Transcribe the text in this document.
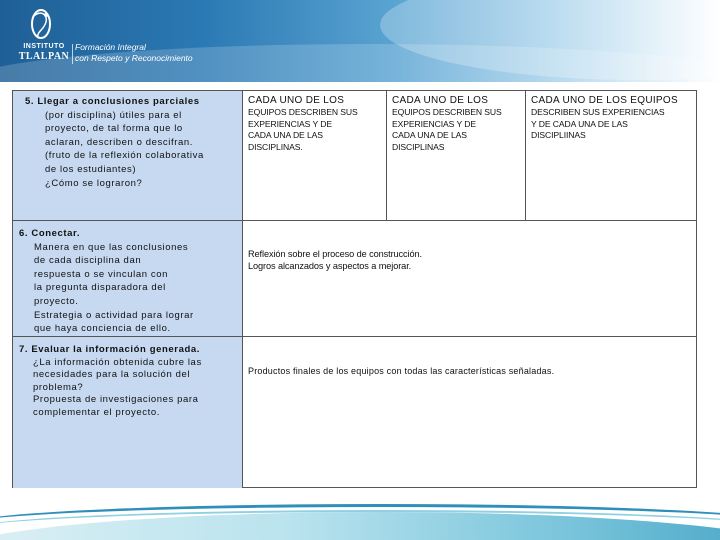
INSTITUTO
TLALPAN
Formación Integral
con Respeto y Reconocimiento
5. Llegar a conclusiones parciales
(por disciplina) útiles para el
proyecto, de tal forma que lo
aclaran, describen o descifran.
(fruto de la reflexión colaborativa
de los estudiantes)
¿Cómo se lograron?
CADA UNO DE LOS
EQUIPOS DESCRIBEN SUS
EXPERIENCIAS Y DE
CADA UNA DE LAS
DISCIPLINAS.
CADA UNO DE LOS
EQUIPOS DESCRIBEN SUS
EXPERIENCIAS Y DE
CADA UNA DE LAS
DISCIPLINAS
CADA UNO DE LOS EQUIPOS
DESCRIBEN SUS EXPERIENCIAS
Y DE CADA UNA DE LAS
DISCIPLIINAS
6. Conectar.
Manera en que las conclusiones
de cada disciplina dan
respuesta o se vinculan con
la pregunta disparadora del
proyecto.
Estrategia o actividad para lograr
que haya conciencia de ello.
Reflexión sobre el proceso de construcción.
Logros alcanzados y aspectos a mejorar.
7. Evaluar la información generada.
¿La información obtenida cubre las
necesidades para la solución del
problema?
Propuesta de investigaciones para
complementar el proyecto.
Productos finales de los equipos con todas las características señaladas.
